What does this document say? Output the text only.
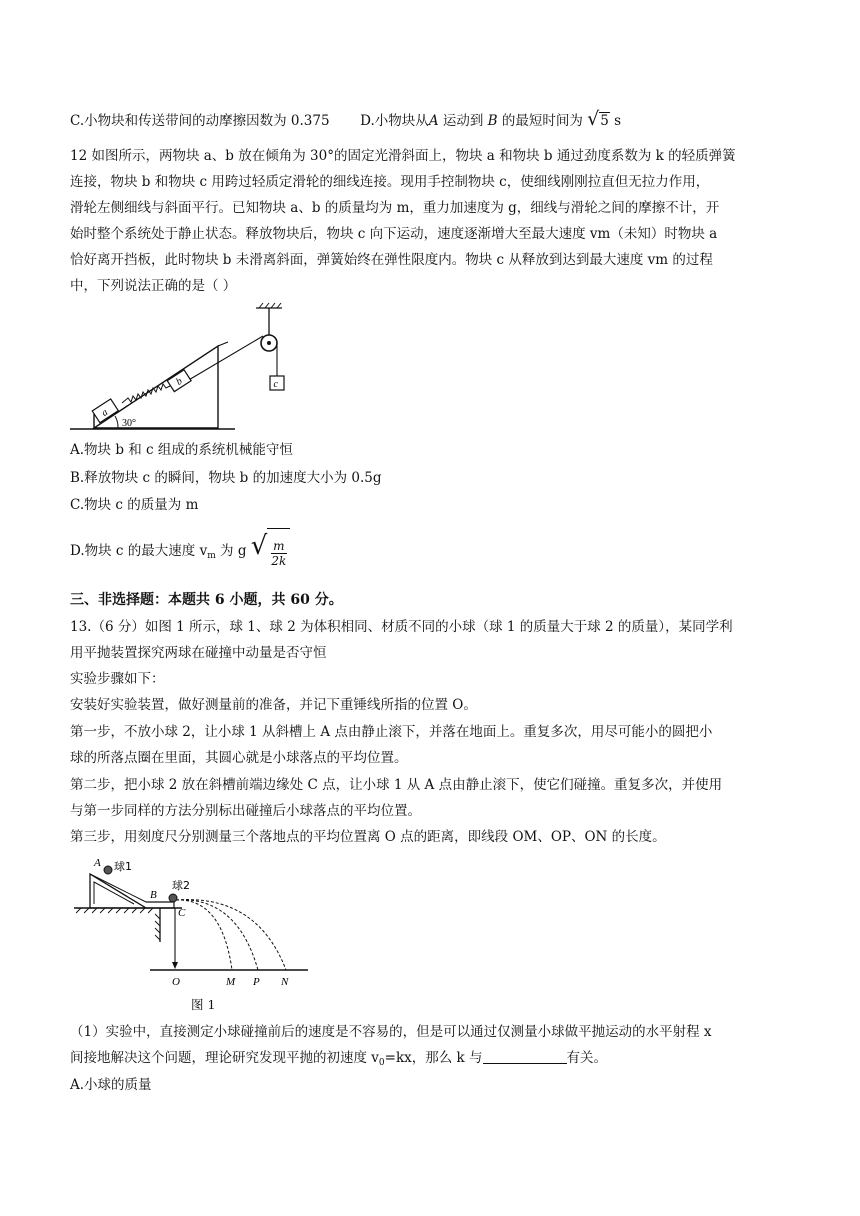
C.小物块和传送带间的动摩擦因数为 0.375 D.小物块从A 运动到 B 的最短时间为 √5 s
12 如图所示，两物块 a、b 放在倾角为 30°的固定光滑斜面上，物块 a 和物块 b 通过劲度系数为 k 的轻质弹簧
连接，物块 b 和物块 c 用跨过轻质定滑轮的细线连接。现用手控制物块 c，使细线刚刚拉直但无拉力作用，
滑轮左侧细线与斜面平行。已知物块 a、b 的质量均为 m，重力加速度为 g，细线与滑轮之间的摩擦不计，开
始时整个系统处于静止状态。释放物块后，物块 c 向下运动，速度逐渐增大至最大速度 vm（未知）时物块 a
恰好离开挡板，此时物块 b 未滑离斜面，弹簧始终在弹性限度内。物块 c 从释放到达到最大速度 vm 的过程
中，下列说法正确的是（ ）
c
a
b
30°
A.物块 b 和 c 组成的系统机械能守恒
B.释放物块 c 的瞬间，物块 b 的加速度大小为 0.5g
C.物块 c 的质量为 m
D.物块 c 的最大速度 $v_m$ 为 g √ $\frac{m}{2k}$
三、非选择题：本题共 6 小题，共 60 分。
13.（6 分）如图 1 所示，球 1、球 2 为体积相同、材质不同的小球（球 1 的质量大于球 2 的质量），某同学利
用平抛装置探究两球在碰撞中动量是否守恒
实验步骤如下：
安装好实验装置，做好测量前的准备，并记下重锤线所指的位置 O。
第一步，不放小球 2，让小球 1 从斜槽上 A 点由静止滚下，并落在地面上。重复多次，用尽可能小的圆把小
球的所落点圈在里面，其圆心就是小球落点的平均位置。
第二步，把小球 2 放在斜槽前端边缘处 C 点，让小球 1 从 A 点由静止滚下，使它们碰撞。重复多次，并使用
与第一步同样的方法分别标出碰撞后小球落点的平均位置。
第三步，用刻度尺分别测量三个落地点的平均位置离 O 点的距离，即线段 OM、OP、ON 的长度。
A 球1
B
球2
C
O	M P N
图 1
（1）实验中，直接测定小球碰撞前后的速度是不容易的，但是可以通过仅测量小球做平抛运动的水平射程 x
间接地解决这个问题，理论研究发现平抛的初速度 $v_0=kx$，那么 k 与	有关。
A.小球的质量
